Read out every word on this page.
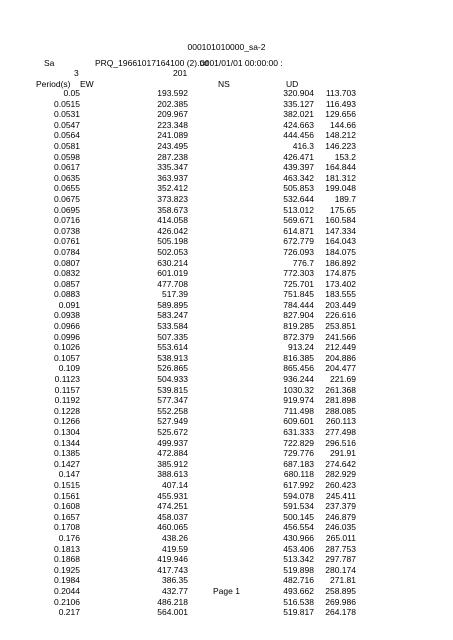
000101010000_sa-2
Sa	PRQ_19661017164100 (2).txt
0001/01/01 00:00:00 :
3	201
Period(s) EW	NS	UD
0.05	193.592	320.904	113.703
0.0515	202.385	335.127	116.493
0.0531	209.967	382.021	129.656
0.0547	223.348	424.663	144.66
0.0564	241.089	444.456	148.212
0.0581	243.495	416.3	146.223
0.0598	287.238	426.471	153.2
0.0617	335.347	439.397	164.844
0.0635	363.937	463.342	181.312
0.0655	352.412	505.853	199.048
0.0675	373.823	532.644	189.7
0.0695	358.673	513.012	175.65
0.0716	414.058	569.671	160.584
0.0738	426.042	614.871	147.334
0.0761	505.198	672.779	164.043
0.0784	502.053	726.093	184.075
0.0807	630.214	776.7	186.892
0.0832	601.019	772.303	174.875
0.0857	477.708	725.701	173.402
0.0883	517.39	751.845	183.555
0.091	589.895	784.444	203.449
0.0938	583.247	827.904	226.616
0.0966	533.584	819.285	253.851
0.0996	507.335	872.379	241.566
0.1026	553.614	913.24	212.449
0.1057	538.913	816.385	204.886
0.109	526.865	865.456	204.477
0.1123	504.933	936.244	221.69
0.1157	539.815	1030.32	261.368
0.1192	577.347	919.974	281.898
0.1228	552.258	711.498	288.085
0.1266	527.949	609.601	260.113
0.1304	525.672	631.333	277.498
0.1344	499.937	722.829	296.516
0.1385	472.884	729.776	291.91
0.1427	385.912	687.183	274.642
0.147	388.613	680.118	282.929
0.1515	407.14	617.992	260.423
0.1561	455.931	594.078	245.411
0.1608	474.251	591.534	237.379
0.1657	458.037	500.145	246.879
0.1708	460.065	456.554	246.035
0.176	438.26	430.966	265.011
0.1813	419.59	453.406	287.753
0.1868	419.946	513.342	297.787
0.1925	417.743	519.898	280.174
0.1984	386.35	482.716	271.81
0.2044	432.77	493.662	258.895
0.2106	486.218	516.538	269.986
0.217	564.001	519.817	264.178
Page 1
